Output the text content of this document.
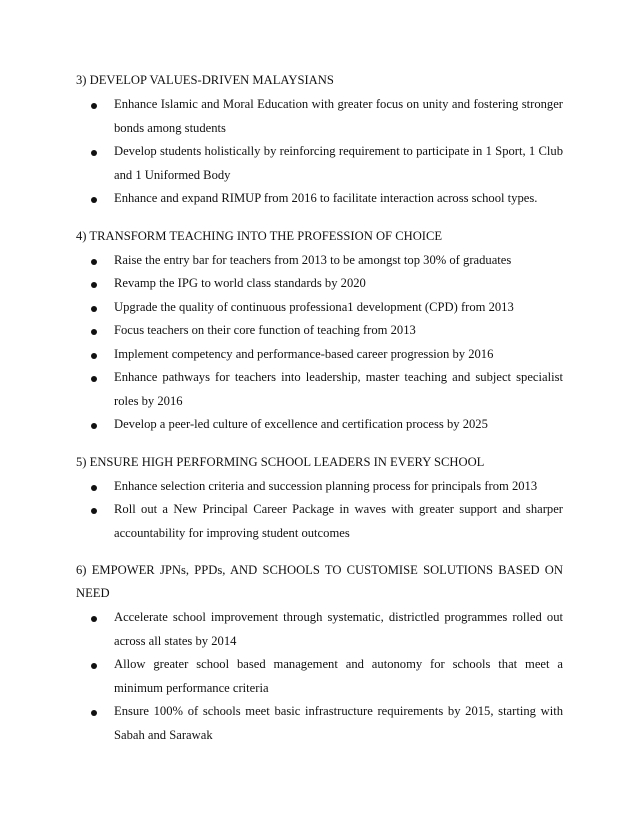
3) DEVELOP VALUES-DRIVEN MALAYSIANS
Enhance Islamic and Moral Education with greater focus on unity and fostering stronger bonds among students
Develop students holistically by reinforcing requirement to participate in 1 Sport, 1 Club and 1 Uniformed Body
Enhance and expand RIMUP from 2016 to facilitate interaction across school types.
4) TRANSFORM TEACHING INTO THE PROFESSION OF CHOICE
Raise the entry bar for teachers from 2013 to be amongst top 30% of graduates
Revamp the IPG to world class standards by 2020
Upgrade the quality of continuous professiona1 development (CPD) from 2013
Focus teachers on their core function of teaching from 2013
Implement competency and performance-based career progression by 2016
Enhance pathways for teachers into leadership, master teaching and subject specialist roles by 2016
Develop a peer-led culture of excellence and certification process by 2025
5) ENSURE HIGH PERFORMING SCHOOL LEADERS IN EVERY SCHOOL
Enhance selection criteria and succession planning process for principals from 2013
Roll out a New Principal Career Package in waves with greater support and sharper accountability for improving student outcomes
6) EMPOWER JPNs, PPDs, AND SCHOOLS TO CUSTOMISE SOLUTIONS BASED ON NEED
Accelerate school improvement through systematic, districtled programmes rolled out across all states by 2014
Allow greater school based management and autonomy for schools that meet a minimum performance criteria
Ensure 100% of schools meet basic infrastructure requirements by 2015, starting with Sabah and Sarawak
